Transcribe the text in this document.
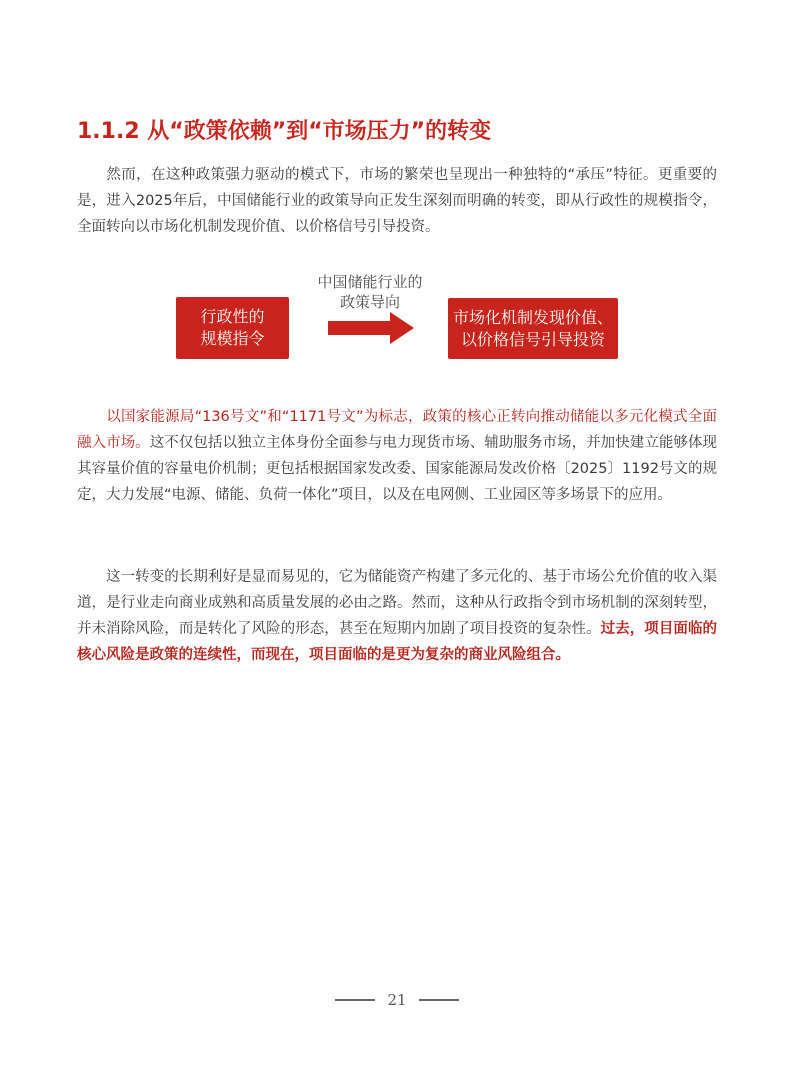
1.1.2 从“政策依赖”到“市场压力”的转变

然而，在这种政策强力驱动的模式下，市场的繁荣也呈现出一种独特的“承压”特征。更重要的是，进入2025年后，中国储能行业的政策导向正发生深刻而明确的转变，即从行政性的规模指令，全面转向以市场化机制发现价值、以价格信号引导投资。

行政性的
规模指令
中国储能行业的
政策导向
市场化机制发现价值、
以价格信号引导投资

以国家能源局“136号文”和“1171号文”为标志，政策的核心正转向推动储能以多元化模式全面融入市场。这不仅包括以独立主体身份全面参与电力现货市场、辅助服务市场，并加快建立能够体现其容量价值的容量电价机制；更包括根据国家发改委、国家能源局发改价格〔2025〕1192号文的规定，大力发展“电源、储能、负荷一体化”项目，以及在电网侧、工业园区等多场景下的应用。

这一转变的长期利好是显而易见的，它为储能资产构建了多元化的、基于市场公允价值的收入渠道，是行业走向商业成熟和高质量发展的必由之路。然而，这种从行政指令到市场机制的深刻转型，并未消除风险，而是转化了风险的形态，甚至在短期内加剧了项目投资的复杂性。过去，项目面临的核心风险是政策的连续性，而现在，项目面临的是更为复杂的商业风险组合。

21
